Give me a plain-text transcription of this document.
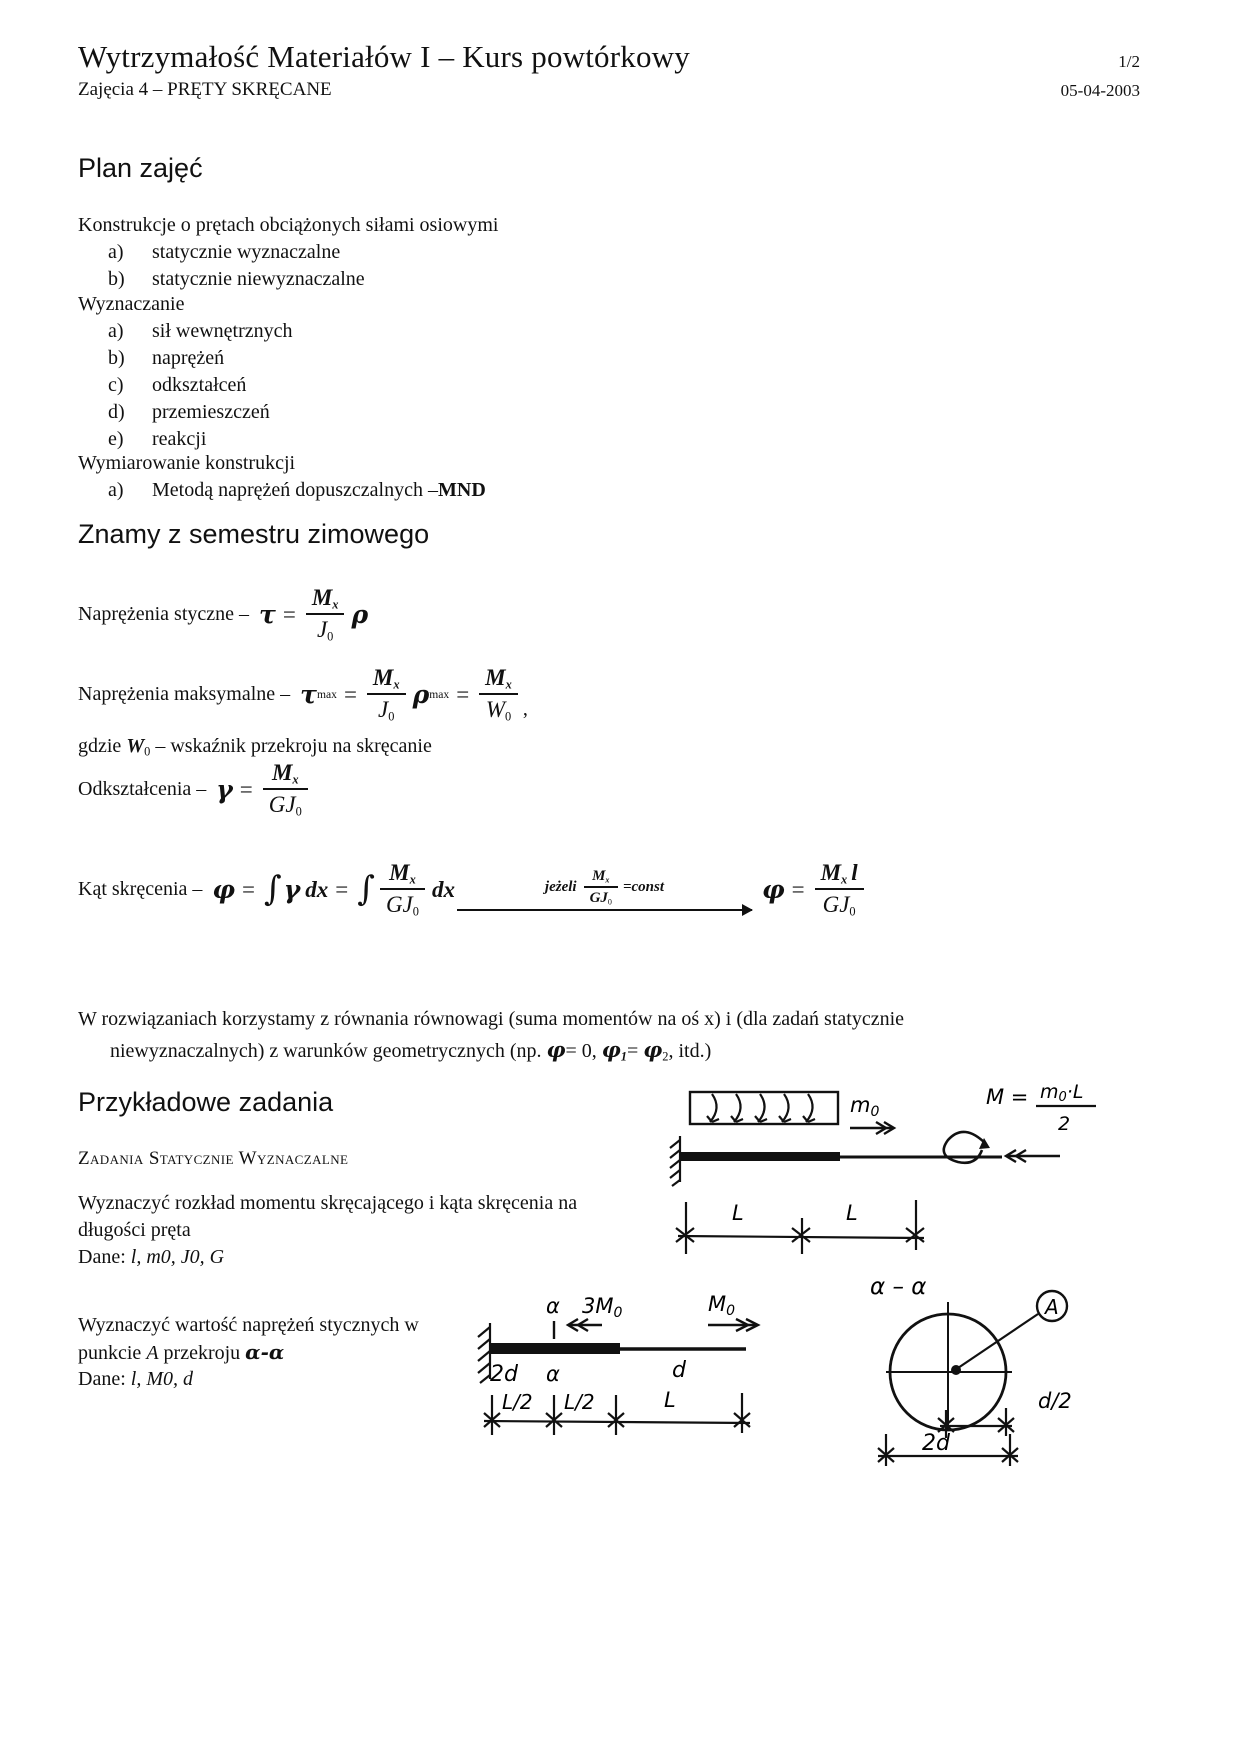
Wytrzymałość Materiałów I – Kurs powtórkowy	1/2
Zajęcia 4 – PRĘTY SKRĘCANE	05-04-2003
Plan zajęć
Konstrukcje o prętach obciążonych siłami osiowymi
a)	statycznie wyznaczalne
b)	statycznie niewyznaczalne
Wyznaczanie
a)	sił wewnętrznych
b)	naprężeń
c)	odkształceń
d)	przemieszczeń
e)	reakcji
Wymiarowanie konstrukcji
a)	Metodą naprężeń dopuszczalnych – MND
Znamy z semestru zimowego
Naprężenia styczne – $\tau = \frac{M_x}{J_0}$ ρ
Naprężenia maksymalne – τ $\max = \frac{M_x}{J_0}$ ρ $\max = \frac{M_x}{W_0}$ ,
gdzie $W_0$ – wskaźnik przekroju na skręcanie
Odkształcenia – $\gamma = \frac{M_x}{GJ_0}$
Kąt skręcenia – φ = ∫ γ dx = ∫ $\frac{M_x}{GJ_0}$ dx	jeżeli $\frac{M_x}{GJ_0}$ =const	$\varphi = \frac{M_x l}{GJ_0}$
W rozwiązaniach korzystamy z równania równowagi (suma momentów na oś x) i (dla zadań statycznie
niewyznaczalnych) z warunków geometrycznych (np. φ= 0, $\varphi_1= \varphi_2$, itd.)
Przykładowe zadania
Zadania Statycznie Wyznaczalne
Wyznaczyć rozkład momentu skręcającego i kąta skręcenia na
długości pręta
Dane: l, m0, J0, G
Wyznaczyć wartość naprężeń stycznych w
punkcie A przekroju α-α
Dane: l, M0, d
m0
M = m0·L
2
L	L
α
α
3M0	M0
2d	d
L/2 L/2	L
α – α
A
d/2
2d
